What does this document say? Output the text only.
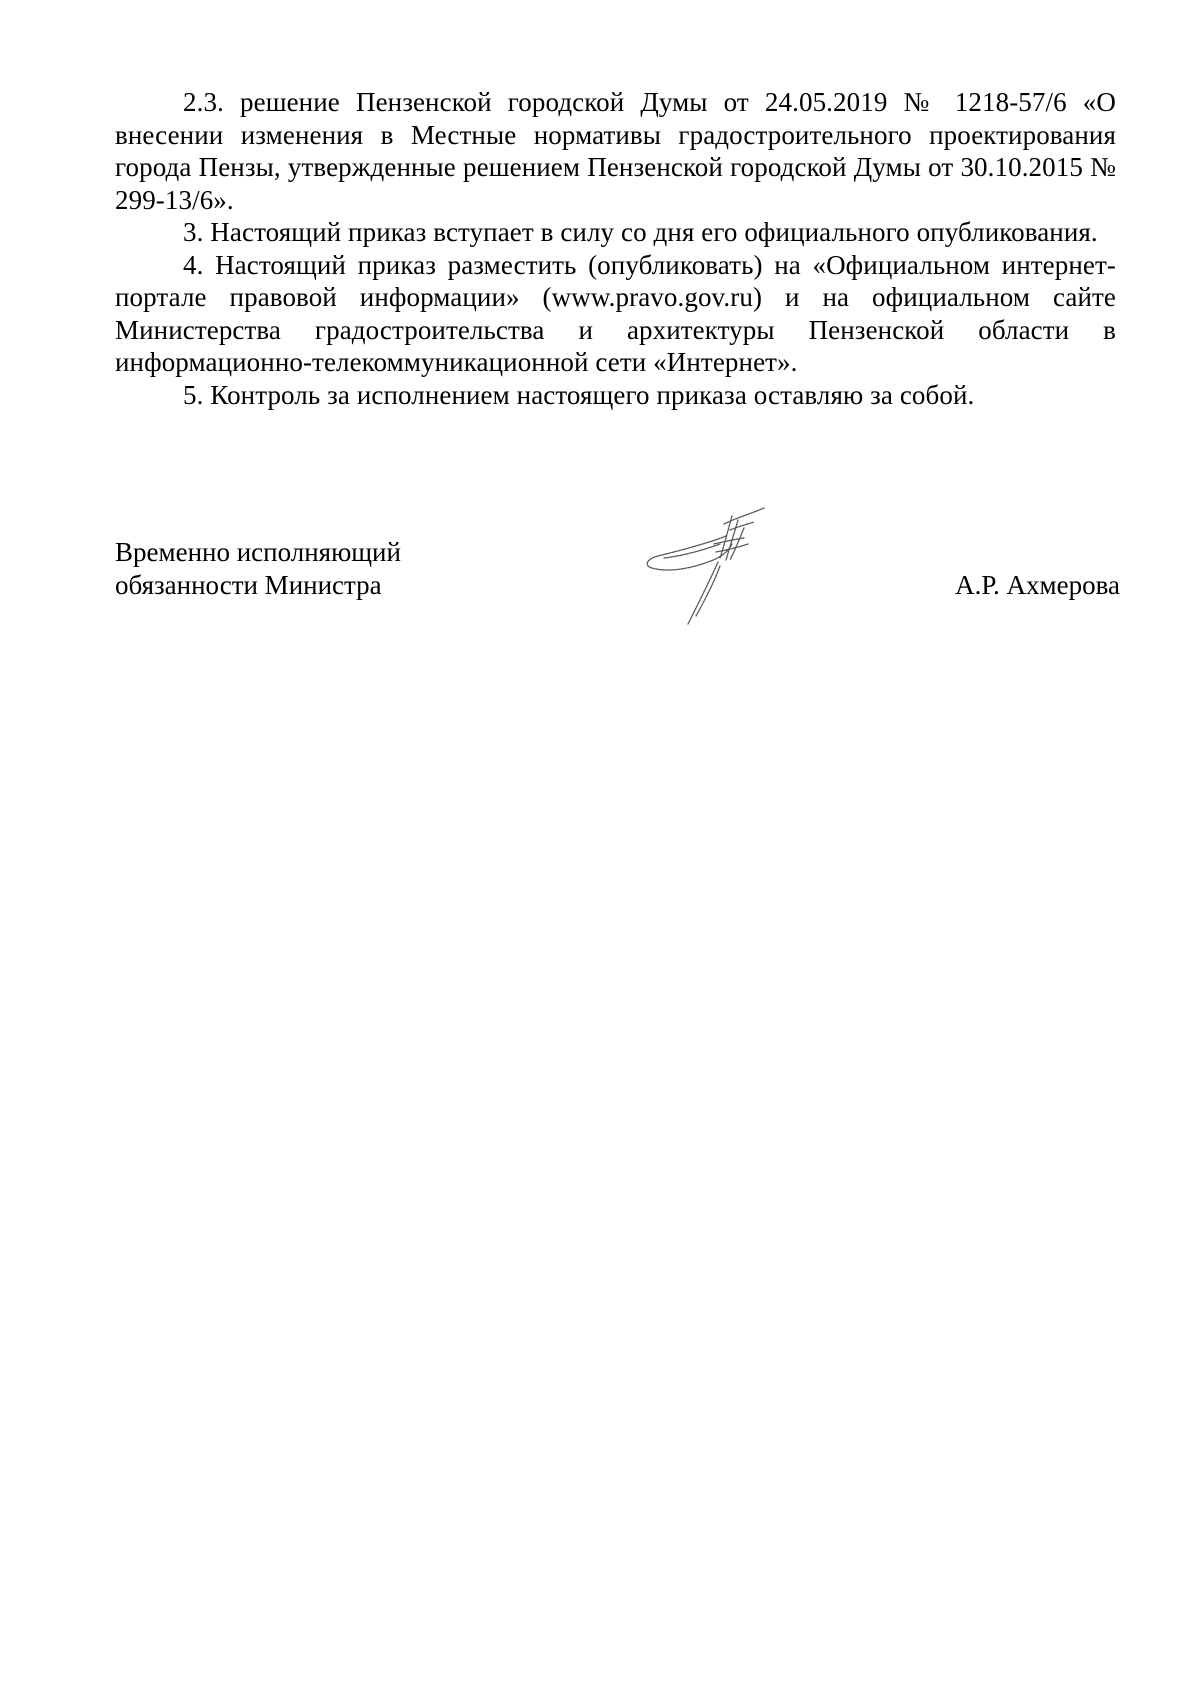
2.3. решение Пензенской городской Думы от 24.05.2019 № 1218-57/6 «О внесении изменения в Местные нормативы градостроительного проектирования города Пензы, утвержденные решением Пензенской городской Думы от 30.10.2015 № 299-13/6».

3. Настоящий приказ вступает в силу со дня его официального опубликования.

4. Настоящий приказ разместить (опубликовать) на «Официальном интернет-портале правовой информации» (www.pravo.gov.ru) и на официальном сайте Министерства градостроительства и архитектуры Пензенской области в информационно-телекоммуникационной сети «Интернет».

5. Контроль за исполнением настоящего приказа оставляю за собой.

Временно исполняющий
обязанности Министра	А.Р. Ахмерова
